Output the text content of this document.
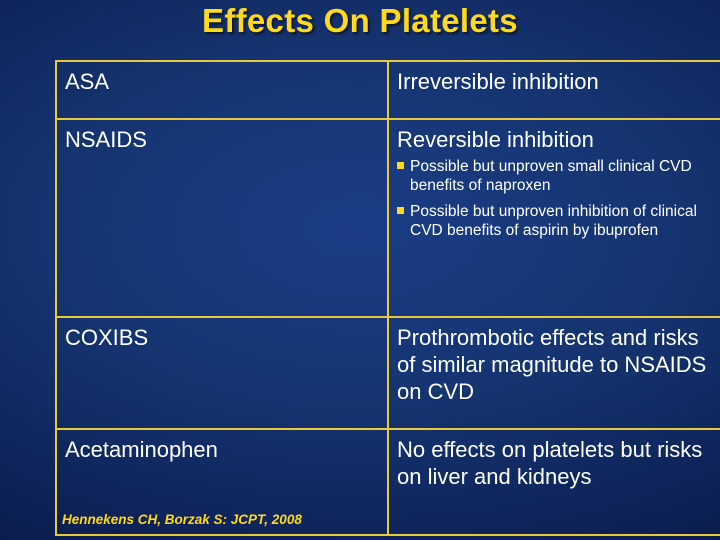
Effects On Platelets
ASA	Irreversible inhibition
NSAIDS	Reversible inhibition
Possible but unproven small clinical CVD benefits of naproxen
Possible but unproven inhibition of clinical CVD benefits of aspirin by ibuprofen
COXIBS	Prothrombotic effects and risks of similar magnitude to NSAIDS on CVD
Acetaminophen	No effects on platelets but risks on liver and kidneys
Hennekens CH, Borzak S: JCPT, 2008
